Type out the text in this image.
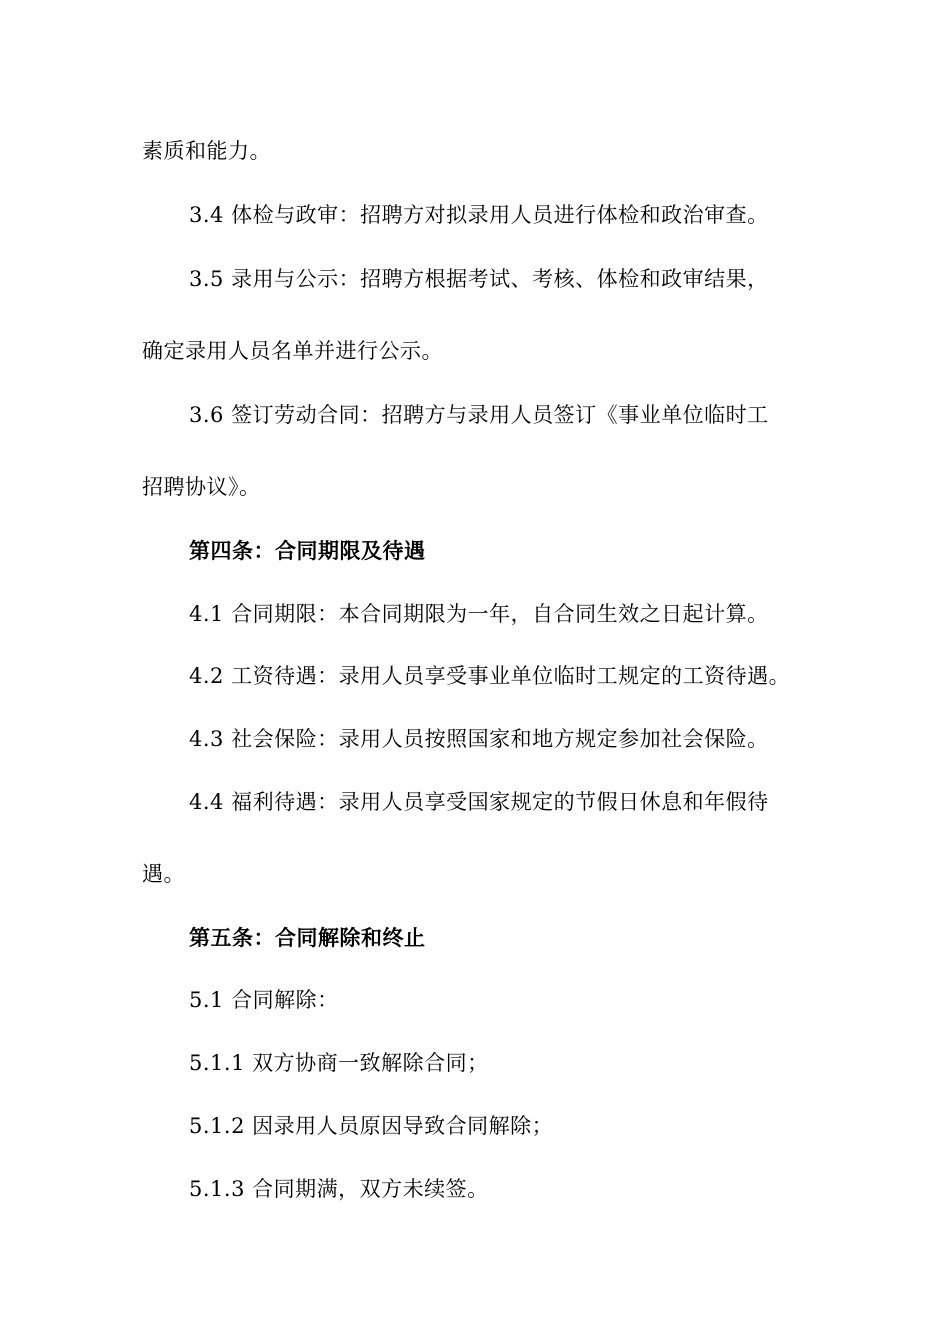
素质和能力。
3.4 体检与政审：招聘方对拟录用人员进行体检和政治审查。
3.5 录用与公示：招聘方根据考试、考核、体检和政审结果，
确定录用人员名单并进行公示。
3.6 签订劳动合同：招聘方与录用人员签订《事业单位临时工
招聘协议》。
第四条：合同期限及待遇
4.1 合同期限：本合同期限为一年，自合同生效之日起计算。
4.2 工资待遇：录用人员享受事业单位临时工规定的工资待遇。
4.3 社会保险：录用人员按照国家和地方规定参加社会保险。
4.4 福利待遇：录用人员享受国家规定的节假日休息和年假待
遇。
第五条：合同解除和终止
5.1 合同解除：
5.1.1 双方协商一致解除合同；
5.1.2 因录用人员原因导致合同解除；
5.1.3 合同期满，双方未续签。
